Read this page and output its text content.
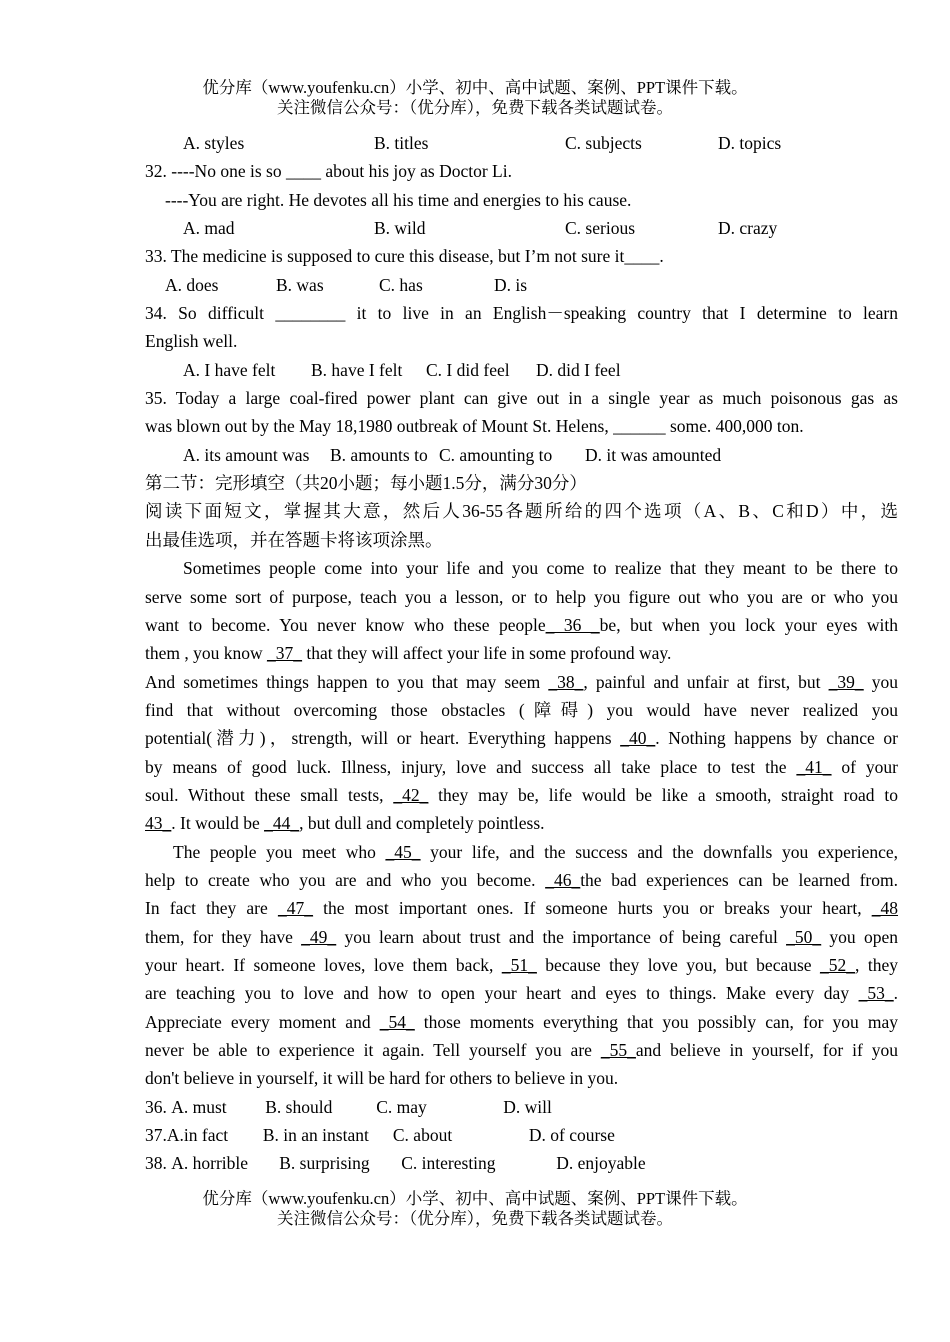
优分库（www.youfenku.cn）小学、初中、高中试题、案例、PPT课件下载。
关注微信公众号：（优分库），免费下载各类试题试卷。
A. styles	B. titles	C. subjects	D. topics
32. ----No one is so ____ about his joy as Doctor Li.
----You are right. He devotes all his time and energies to his cause.
A. mad	B. wild	C. serious	D. crazy
33. The medicine is supposed to cure this disease, but I’m not sure it____.
A. does	B. was	C. has	D. is
34. So difficult ________ it to live in an English－speaking country that I determine to learn
English well.
A. I have felt B. have I felt C. I did feel D. did I feel
35. Today a large coal-fired power plant can give out in a single year as much poisonous gas as
was blown out by the May 18,1980 outbreak of Mount St. Helens, ______ some. 400,000 ton.
A. its amount was B. amounts to C. amounting to D. it was amounted
第二节：完形填空（共20小题；每小题1.5分，满分30分）
阅读下面短文，掌握其大意，然后人36-55各题所给的四个选项（A、B、C和D）中，选
出最佳选项，并在答题卡将该项涂黑。
Sometimes people come into your life and you come to realize that they meant to be there to
serve some sort of purpose, teach you a lesson, or to help you figure out who you are or who you
want to become. You never know who these people_ 36 _be, but when you lock your eyes with
them , you know _37_ that they will affect your life in some profound way.
And sometimes things happen to you that may seem _38_, painful and unfair at first, but _39_ you
find that without overcoming those obstacles (障碍) you would have never realized you
potential(潜力)，strength, will or heart. Everything happens _40_. Nothing happens by chance or
by means of good luck. Illness, injury, love and success all take place to test the _41_ of your
soul. Without these small tests, _42_ they may be, life would be like a smooth, straight road to
43_. It would be _44_, but dull and completely pointless.
The people you meet who _45_ your life, and the success and the downfalls you experience,
help to create who you are and who you become. _46_the bad experiences can be learned from.
In fact they are _47_ the most important ones. If someone hurts you or breaks your heart, _48
them, for they have _49_ you learn about trust and the importance of being careful _50_ you open
your heart. If someone loves, love them back, _51_ because they love you, but because _52_, they
are teaching you to love and how to open your heart and eyes to things. Make every day _53_.
Appreciate every moment and _54_ those moments everything that you possibly can, for you may
never be able to experience it again. Tell yourself you are _55_and believe in yourself, for if you
don't believe in yourself, it will be hard for others to believe in you.
36. A. must B. should	C. may	D. will
37.A.in fact B. in an instant C. about	D. of course
38. A. horrible B. surprising C. interesting	D. enjoyable
优分库（www.youfenku.cn）小学、初中、高中试题、案例、PPT课件下载。
关注微信公众号：（优分库），免费下载各类试题试卷。
